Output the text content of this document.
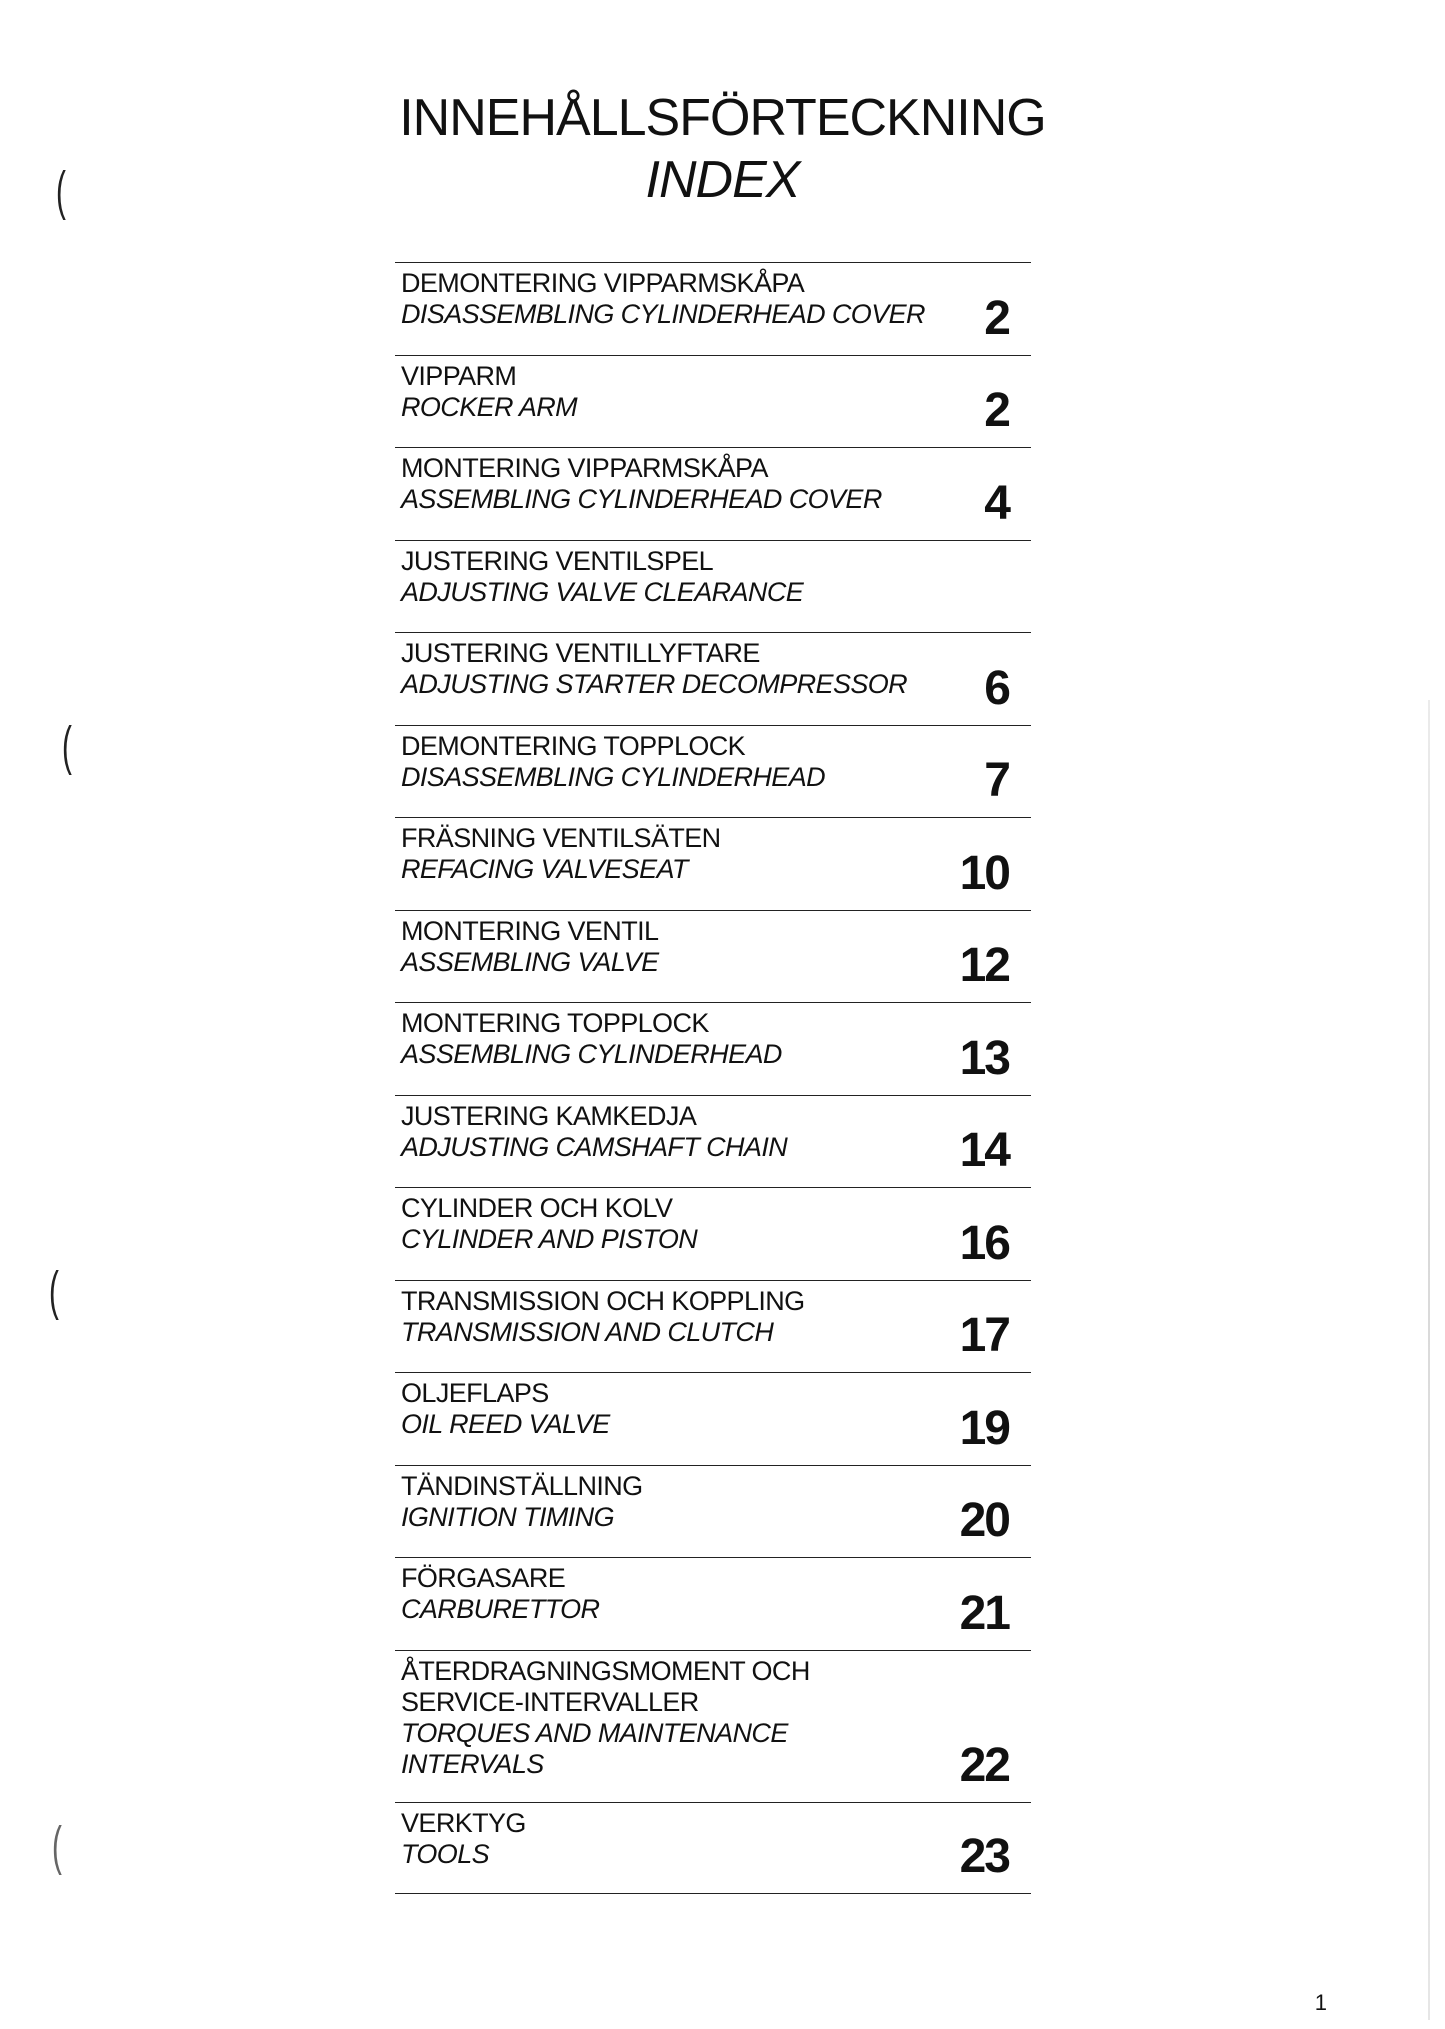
INNEHÅLLSFÖRTECKNING
INDEX
DEMONTERING VIPPARMSKÅPA
DISASSEMBLING CYLINDERHEAD COVER	2
VIPPARM
ROCKER ARM	2
MONTERING VIPPARMSKÅPA
ASSEMBLING CYLINDERHEAD COVER	4
JUSTERING VENTILSPEL
ADJUSTING VALVE CLEARANCE
JUSTERING VENTILLYFTARE
ADJUSTING STARTER DECOMPRESSOR	6
DEMONTERING TOPPLOCK
DISASSEMBLING CYLINDERHEAD	7
FRÄSNING VENTILSÄTEN
REFACING VALVESEAT	10
MONTERING VENTIL
ASSEMBLING VALVE	12
MONTERING TOPPLOCK
ASSEMBLING CYLINDERHEAD	13
JUSTERING KAMKEDJA
ADJUSTING CAMSHAFT CHAIN	14
CYLINDER OCH KOLV
CYLINDER AND PISTON	16
TRANSMISSION OCH KOPPLING
TRANSMISSION AND CLUTCH	17
OLJEFLAPS
OIL REED VALVE	19
TÄNDINSTÄLLNING
IGNITION TIMING	20
FÖRGASARE
CARBURETTOR	21
ÅTERDRAGNINGSMOMENT OCH SERVICE-INTERVALLER
TORQUES AND MAINTENANCE INTERVALS	22
VERKTYG
TOOLS	23
1
(
(
(
(
